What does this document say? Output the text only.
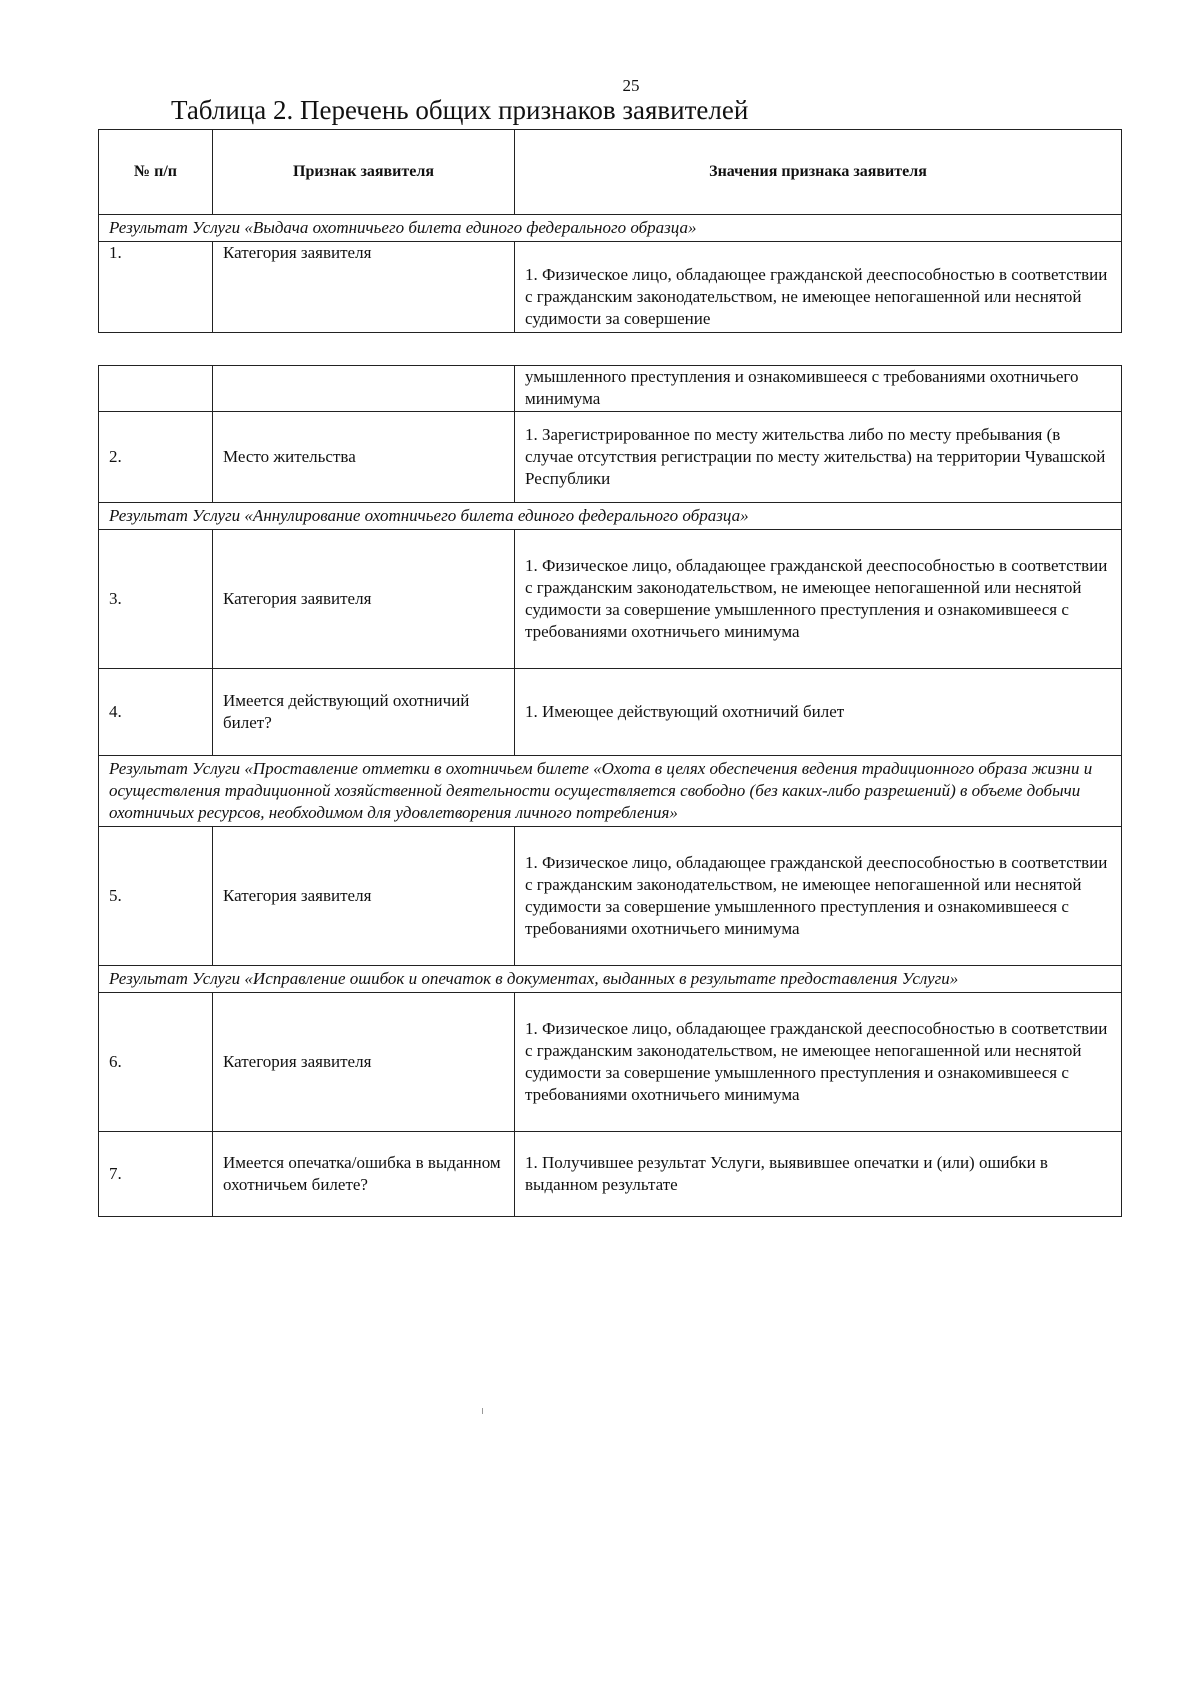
25
Таблица 2. Перечень общих признаков заявителей
№ п/п	Признак заявителя	Значения признака заявителя
Результат Услуги «Выдача охотничьего билета единого федерального образца»		
1.	Категория заявителя	1. Физическое лицо, обладающее гражданской дееспособностью в соответствии с гражданским законодательством, не имеющее непогашенной или неснятой судимости за совершение
		умышленного преступления и ознакомившееся с требованиями охотничьего минимума
2.	Место жительства	1. Зарегистрированное по месту жительства либо по месту пребывания (в случае отсутствия регистрации по месту жительства) на территории Чувашской Республики
Результат Услуги «Аннулирование охотничьего билета единого федерального образца»		
3.	Категория заявителя	1. Физическое лицо, обладающее гражданской дееспособностью в соответствии с гражданским законодательством, не имеющее непогашенной или неснятой судимости за совершение умышленного преступления и ознакомившееся с требованиями охотничьего минимума
4.	Имеется действующий охотничий билет?	1. Имеющее действующий охотничий билет
Результат Услуги «Проставление отметки в охотничьем билете «Охота в целях обеспечения ведения традиционного образа жизни и осуществления традиционной хозяйственной деятельности осуществляется свободно (без каких-либо разрешений) в объеме добычи охотничьих ресурсов, необходимом для удовлетворения личного потребления»		
5.	Категория заявителя	1. Физическое лицо, обладающее гражданской дееспособностью в соответствии с гражданским законодательством, не имеющее непогашенной или неснятой судимости за совершение умышленного преступления и ознакомившееся с требованиями охотничьего минимума
Результат Услуги «Исправление ошибок и опечаток в документах, выданных в результате предоставления Услуги»		
6.	Категория заявителя	1. Физическое лицо, обладающее гражданской дееспособностью в соответствии с гражданским законодательством, не имеющее непогашенной или неснятой судимости за совершение умышленного преступления и ознакомившееся с требованиями охотничьего минимума
7.	Имеется опечатка/ошибка в выданном охотничьем билете?	1. Получившее результат Услуги, выявившее опечатки и (или) ошибки в выданном результате
